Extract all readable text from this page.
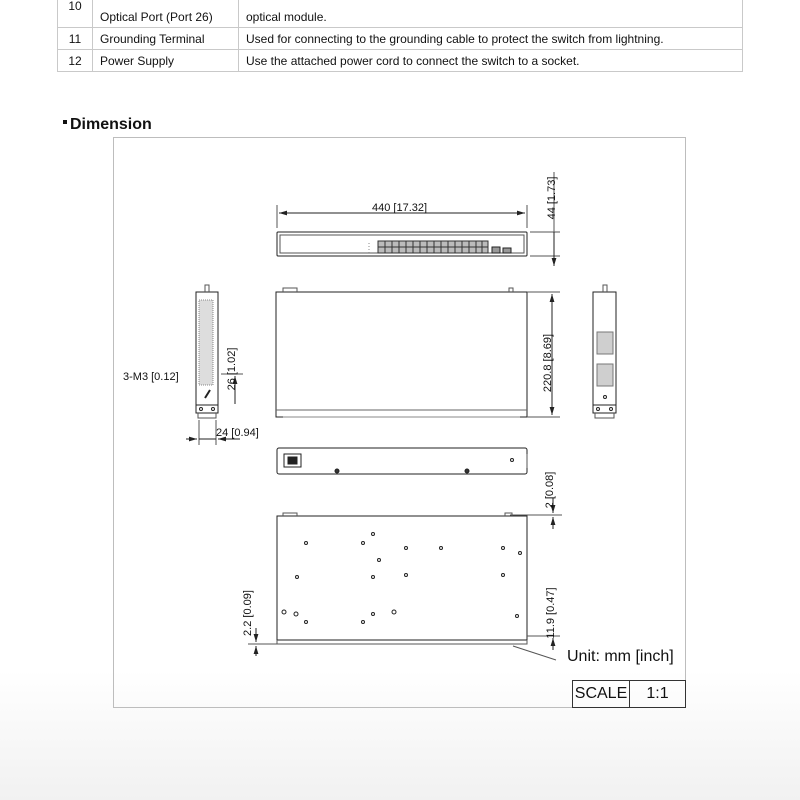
10	Optical Port (Port 26)	optical module.
11	Grounding Terminal	Used for connecting to the grounding cable to protect the switch from lightning.
12	Power Supply	Use the attached power cord to connect the switch to a socket.
Dimension
440 [17.32]	44 [1.73]
220.8 [8.69]
3-M3 [0.12]	26 [1.02]
24 [0.94]
2 [0.08]
2.2 [0.09]	11.9 [0.47]
Unit: mm [inch]
SCALE	1:1
